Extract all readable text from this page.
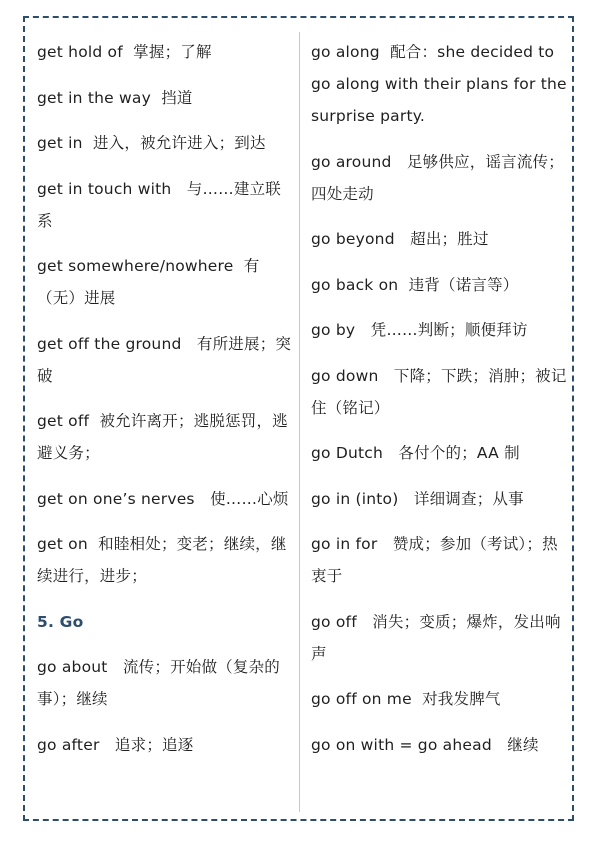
get hold of 掌握；了解
get in the way 挡道
get in 进入，被允许进入；到达
get in touch with 与……建立联系
get somewhere/nowhere 有（无）进展
get off the ground 有所进展；突破
get off 被允许离开；逃脱惩罚，逃避义务；
get on one’s nerves 使……心烦
get on 和睦相处；变老；继续，继续进行，进步；
5. Go
go about 流传；开始做（复杂的事）；继续
go after 追求；追逐
go along 配合：she decided to go along with their plans for the surprise party.
go around 足够供应，谣言流传；四处走动
go beyond 超出；胜过
go back on 违背（诺言等）
go by 凭……判断；顺便拜访
go down 下降；下跌；消肿；被记住（铭记）
go Dutch 各付个的；AA 制
go in (into) 详细调查；从事
go in for 赞成；参加（考试）；热衷于
go off 消失；变质；爆炸，发出响声
go off on me 对我发脾气
go on with = go ahead 继续
